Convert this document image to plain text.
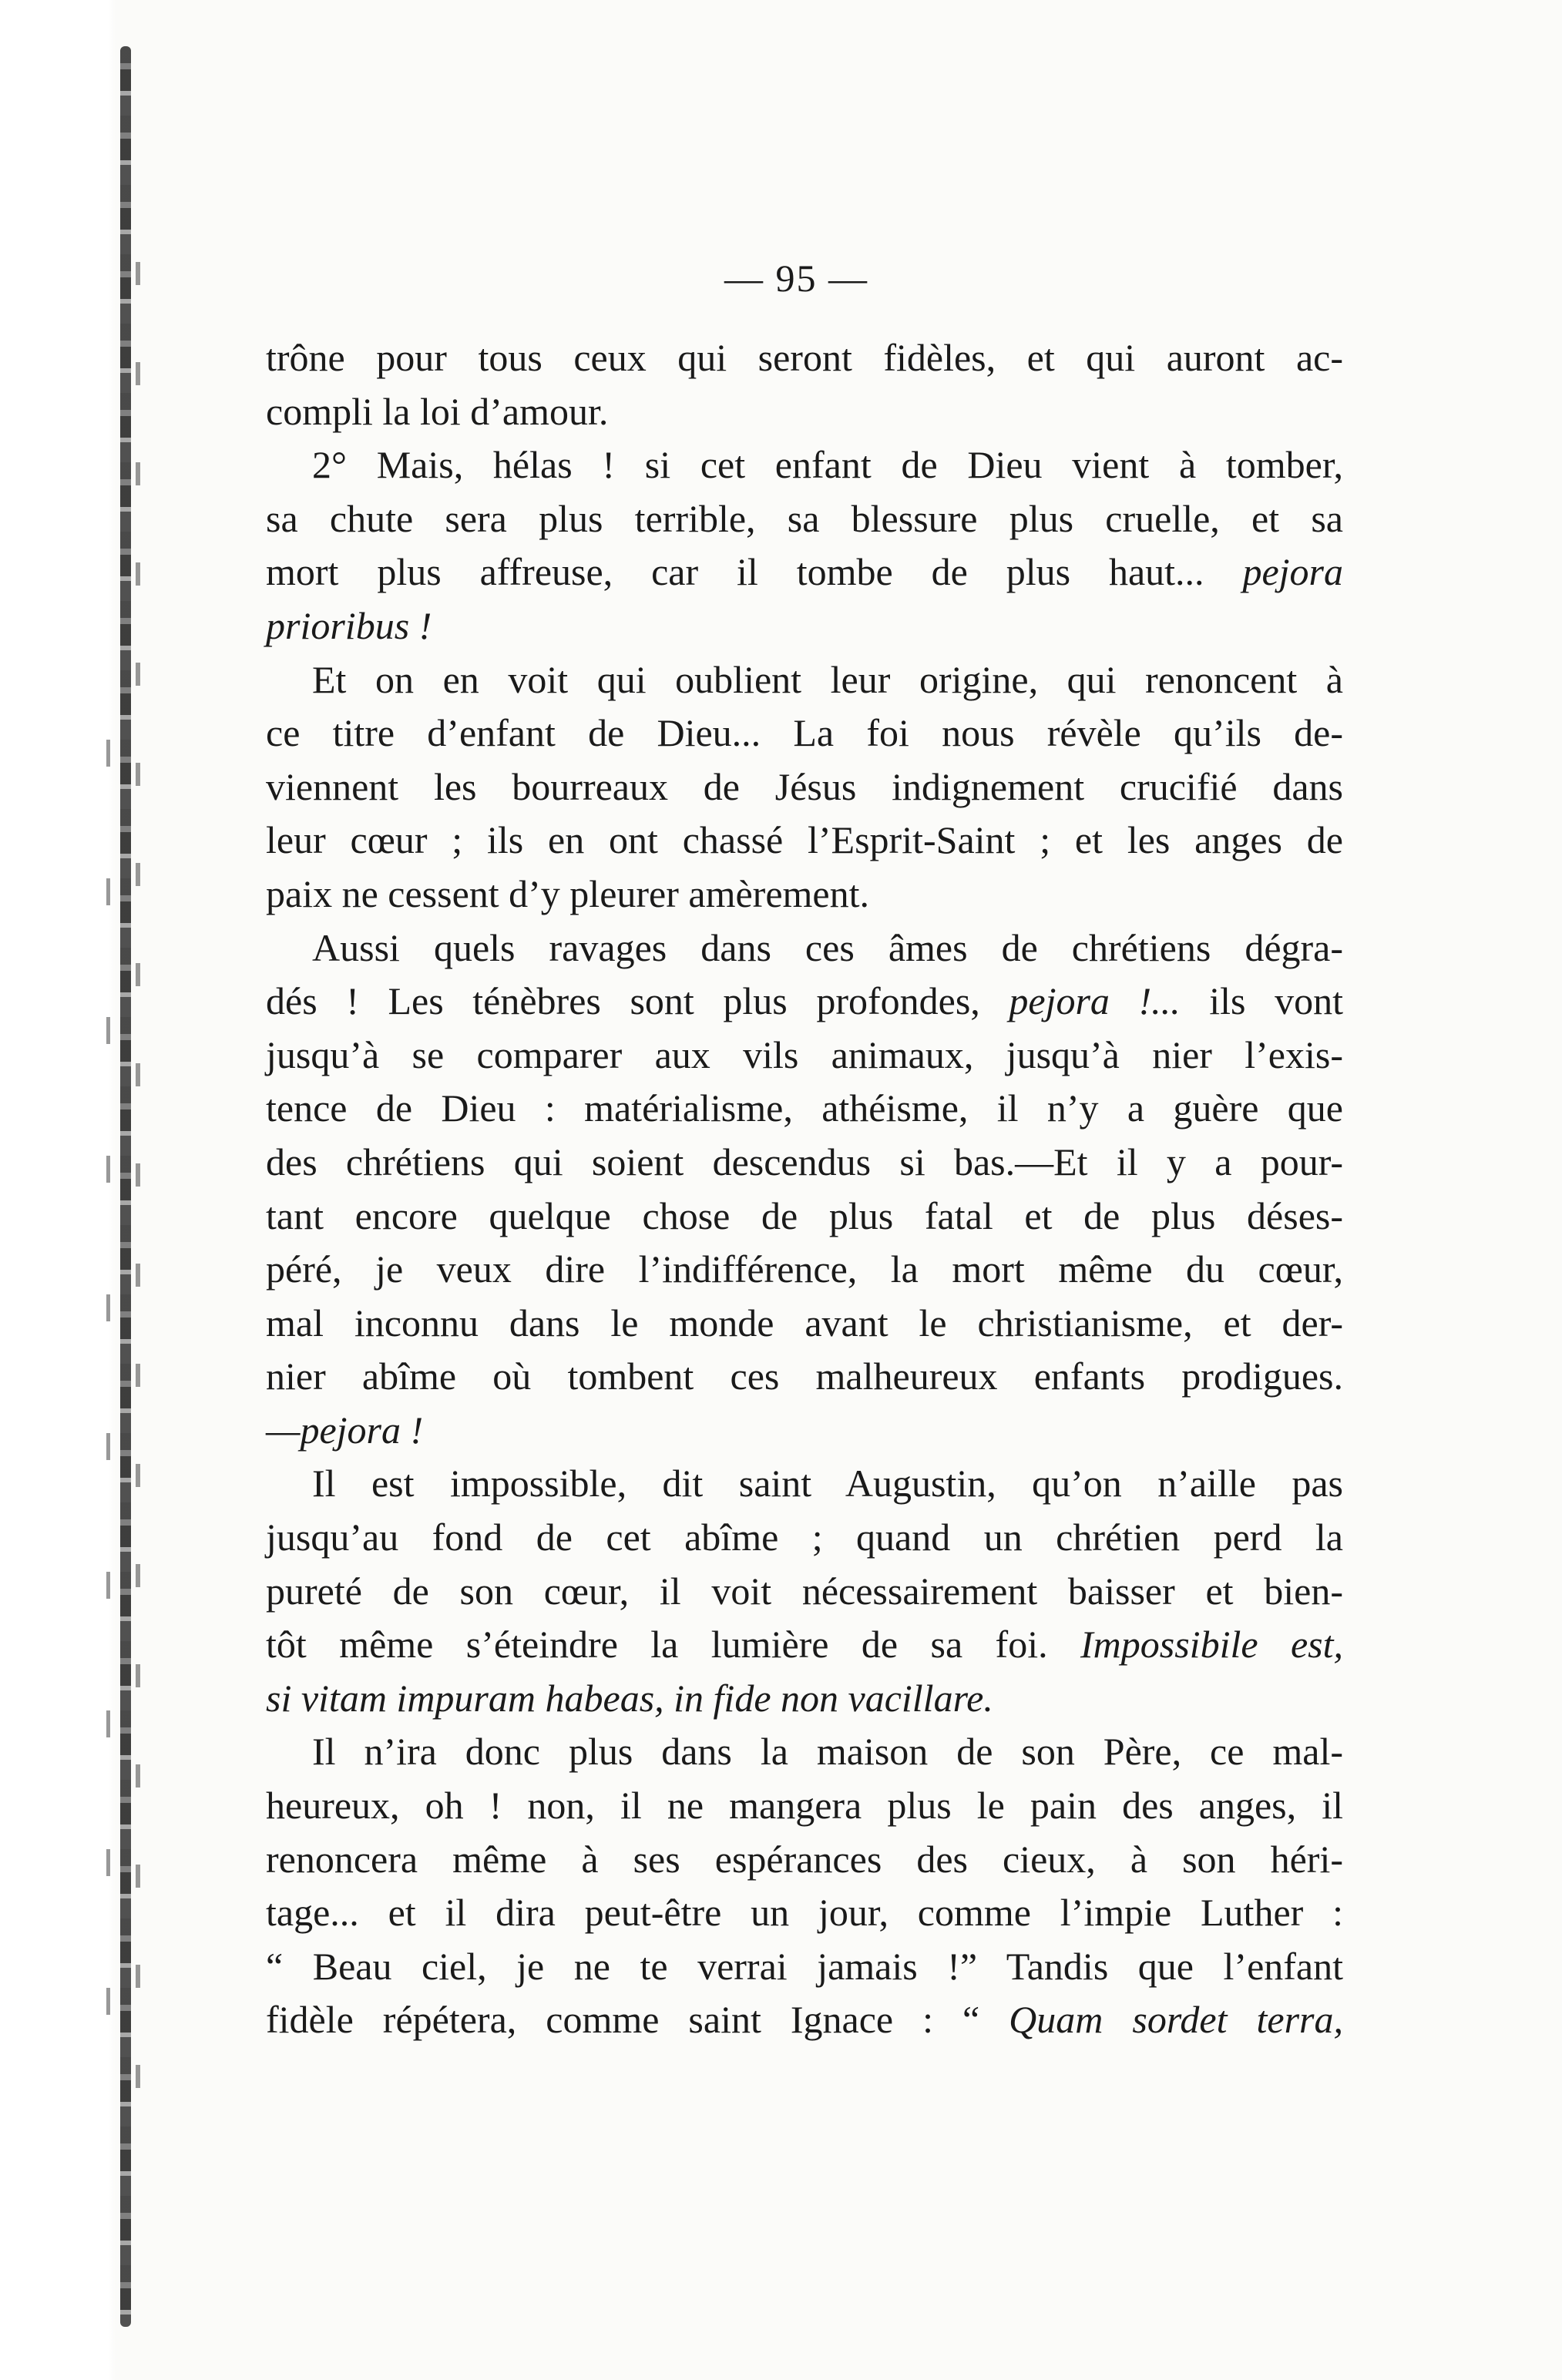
— 95 —
trône pour tous ceux qui seront fidèles, et qui auront ac-
compli la loi d’amour.
2° Mais, hélas ! si cet enfant de Dieu vient à tomber,
sa chute sera plus terrible, sa blessure plus cruelle, et sa
mort plus affreuse, car il tombe de plus haut... pejora
prioribus !
Et on en voit qui oublient leur origine, qui renoncent à
ce titre d’enfant de Dieu... La foi nous révèle qu’ils de-
viennent les bourreaux de Jésus indignement crucifié dans
leur cœur ; ils en ont chassé l’Esprit-Saint ; et les anges de
paix ne cessent d’y pleurer amèrement.
Aussi quels ravages dans ces âmes de chrétiens dégra-
dés ! Les ténèbres sont plus profondes, pejora !... ils vont
jusqu’à se comparer aux vils animaux, jusqu’à nier l’exis-
tence de Dieu : matérialisme, athéisme, il n’y a guère que
des chrétiens qui soient descendus si bas.—Et il y a pour-
tant encore quelque chose de plus fatal et de plus déses-
péré, je veux dire l’indifférence, la mort même du cœur,
mal inconnu dans le monde avant le christianisme, et der-
nier abîme où tombent ces malheureux enfants prodigues.
—pejora !
Il est impossible, dit saint Augustin, qu’on n’aille pas
jusqu’au fond de cet abîme ; quand un chrétien perd la
pureté de son cœur, il voit nécessairement baisser et bien-
tôt même s’éteindre la lumière de sa foi. Impossibile est,
si vitam impuram habeas, in fide non vacillare.
Il n’ira donc plus dans la maison de son Père, ce mal-
heureux, oh ! non, il ne mangera plus le pain des anges, il
renoncera même à ses espérances des cieux, à son héri-
tage... et il dira peut-être un jour, comme l’impie Luther :
“ Beau ciel, je ne te verrai jamais !” Tandis que l’enfant
fidèle répétera, comme saint Ignace : “ Quam sordet terra,
